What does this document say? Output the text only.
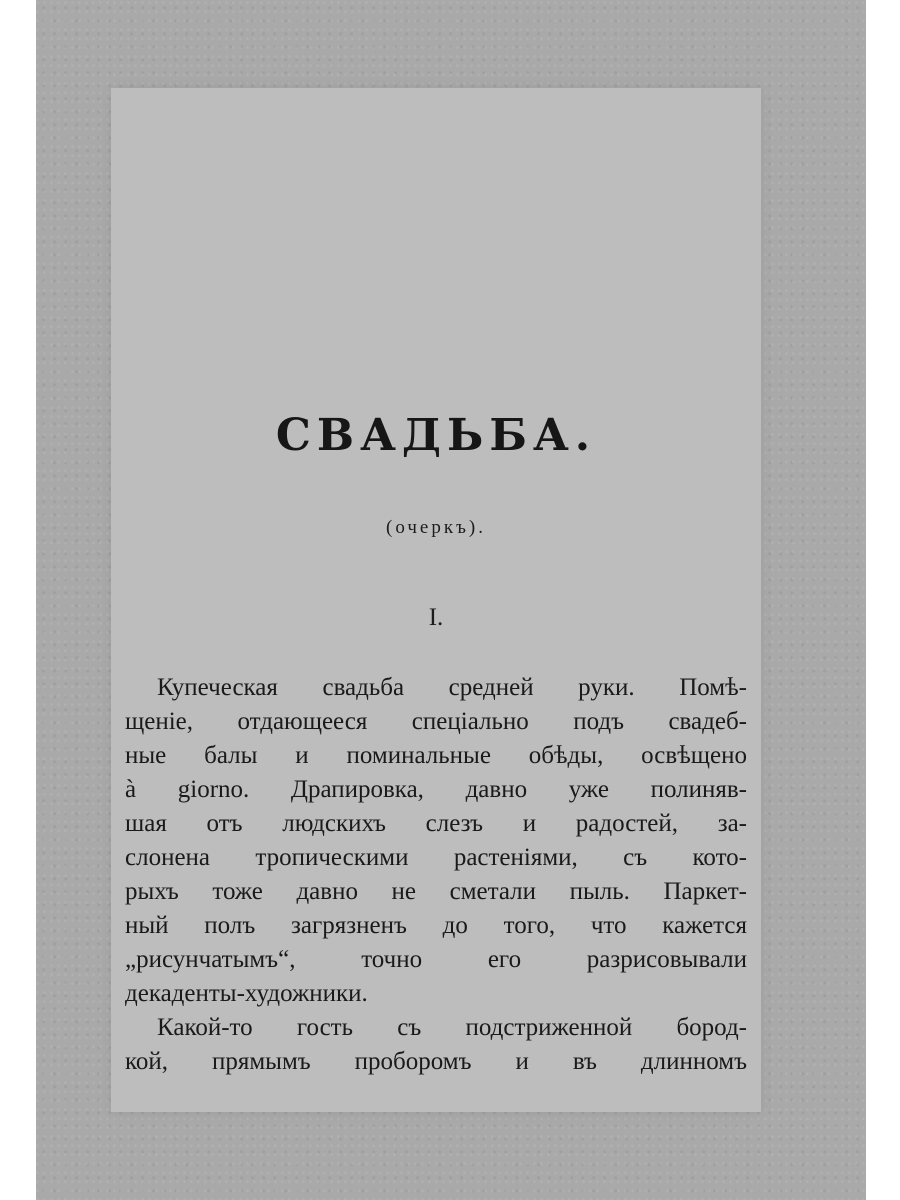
СВАДЬБА.
(очеркъ).
I.
Купеческая свадьба средней руки. Помѣ-
щеніе, отдающееся спеціально подъ свадеб-
ные балы и поминальные обѣды, освѣщено
à giorno. Драпировка, давно уже полиняв-
шая отъ людскихъ слезъ и радостей, за-
слонена тропическими растеніями, съ кото-
рыхъ тоже давно не сметали пыль. Паркет-
ный полъ загрязненъ до того, что кажется
„рисунчатымъ“, точно его разрисовывали
декаденты-художники.
Какой-то гость съ подстриженной бород-
кой, прямымъ проборомъ и въ длинномъ
